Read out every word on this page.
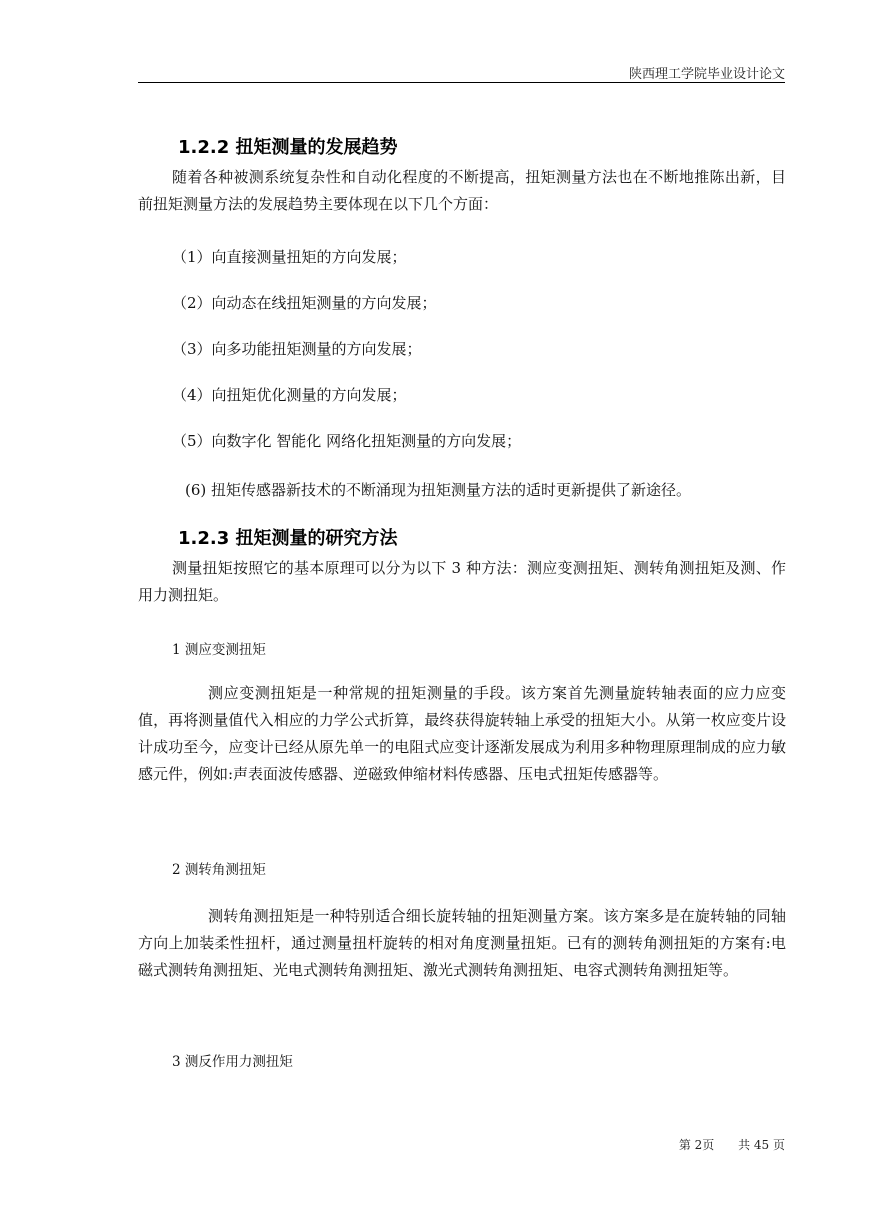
陕西理工学院毕业设计论文
1.2.2 扭矩测量的发展趋势
随着各种被测系统复杂性和自动化程度的不断提高，扭矩测量方法也在不断地推陈出新，目前扭矩测量方法的发展趋势主要体现在以下几个方面：
（1）向直接测量扭矩的方向发展；
（2）向动态在线扭矩测量的方向发展；
（3）向多功能扭矩测量的方向发展；
（4）向扭矩优化测量的方向发展；
（5）向数字化 智能化 网络化扭矩测量的方向发展；
(6) 扭矩传感器新技术的不断涌现为扭矩测量方法的适时更新提供了新途径。
1.2.3 扭矩测量的研究方法
测量扭矩按照它的基本原理可以分为以下 3 种方法：测应变测扭矩、测转角测扭矩及测、作用力测扭矩。
1 测应变测扭矩
测应变测扭矩是一种常规的扭矩测量的手段。该方案首先测量旋转轴表面的应力应变值，再将测量值代入相应的力学公式折算，最终获得旋转轴上承受的扭矩大小。从第一枚应变片设计成功至今，应变计已经从原先单一的电阻式应变计逐渐发展成为利用多种物理原理制成的应力敏感元件，例如:声表面波传感器、逆磁致伸缩材料传感器、压电式扭矩传感器等。
2 测转角测扭矩
测转角测扭矩是一种特别适合细长旋转轴的扭矩测量方案。该方案多是在旋转轴的同轴方向上加装柔性扭杆，通过测量扭杆旋转的相对角度测量扭矩。已有的测转角测扭矩的方案有:电磁式测转角测扭矩、光电式测转角测扭矩、激光式测转角测扭矩、电容式测转角测扭矩等。
3 测反作用力测扭矩
第 2页 共 45 页
